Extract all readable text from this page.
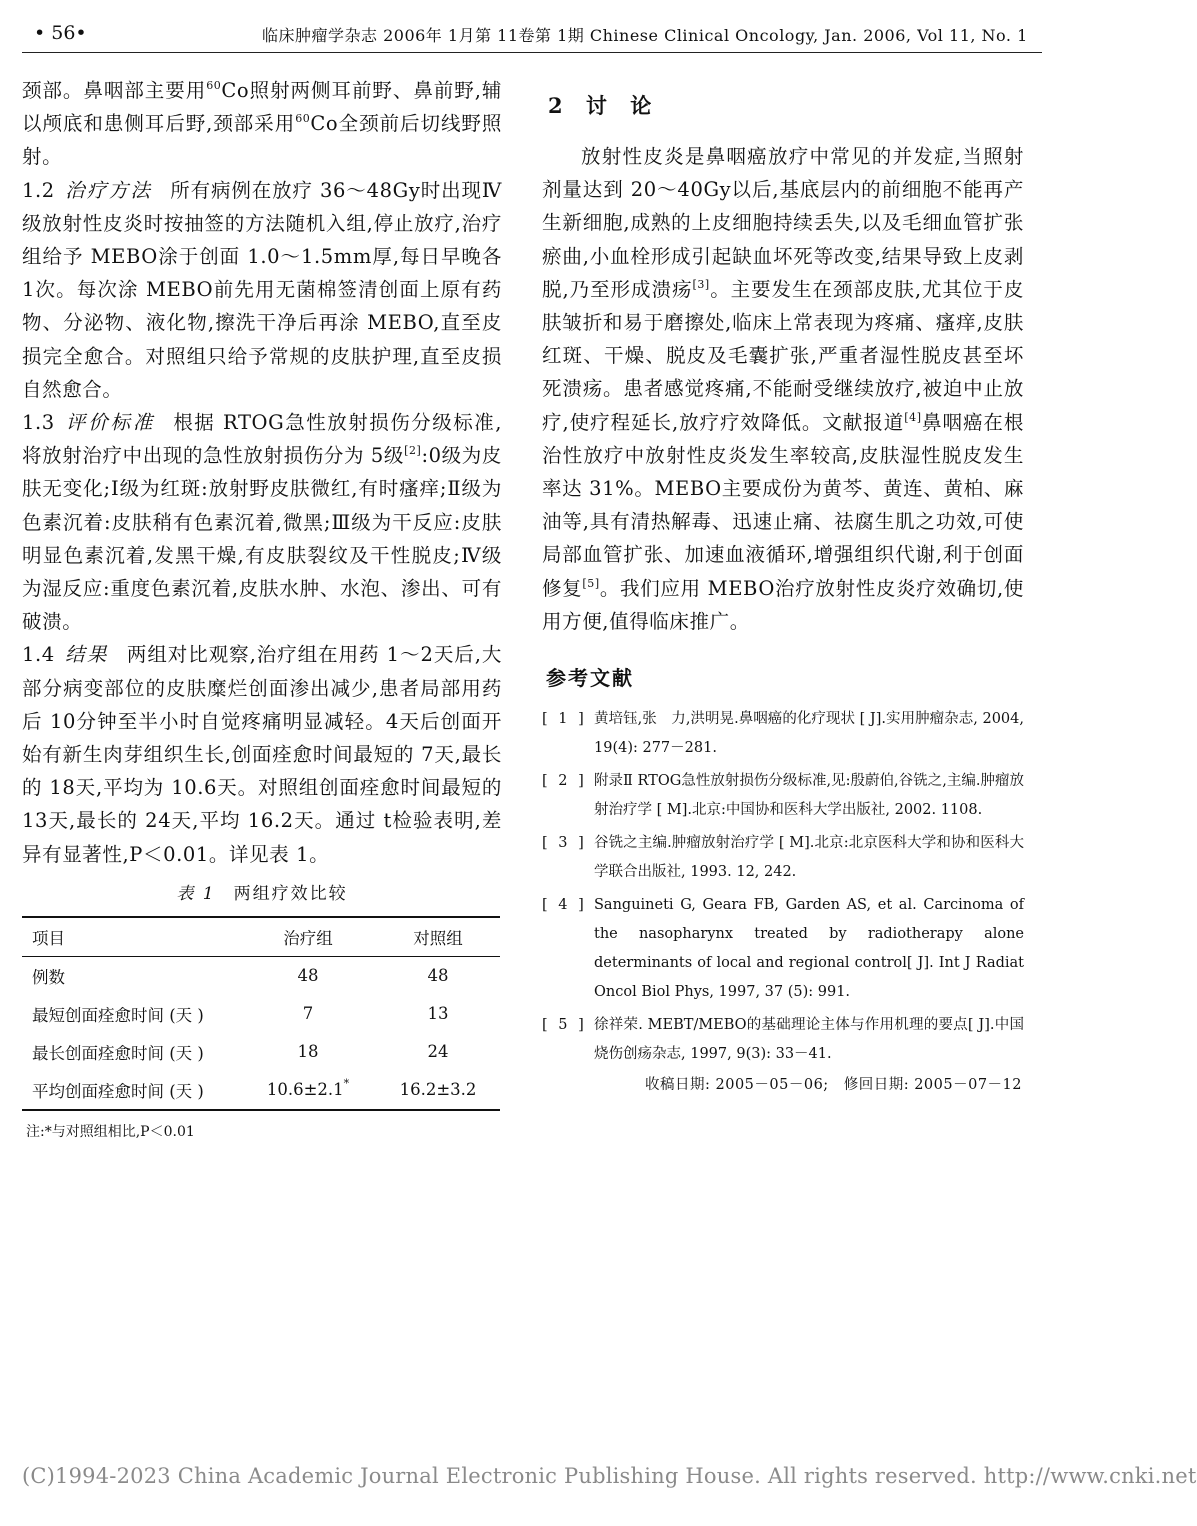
• 56•	临床肿瘤学杂志 2006年 1月第 11卷第 1期 Chinese Clinical Oncology, Jan. 2006, Vol 11, No. 1

颈部。鼻咽部主要用$^{60}$Co照射两侧耳前野、鼻前野,辅以颅底和患侧耳后野,颈部采用$^{60}$Co全颈前后切线野照射。

1.2 治疗方法 所有病例在放疗 36～48Gy时出现Ⅳ级放射性皮炎时按抽签的方法随机入组,停止放疗,治疗组给予 MEBO涂于创面 1.0～1.5mm厚,每日早晚各 1次。每次涂 MEBO前先用无菌棉签清创面上原有药物、分泌物、液化物,擦洗干净后再涂 MEBO,直至皮损完全愈合。对照组只给予常规的皮肤护理,直至皮损自然愈合。

1.3 评价标准 根据 RTOG急性放射损伤分级标准,将放射治疗中出现的急性放射损伤分为 5级[2]:0级为皮肤无变化;Ⅰ级为红斑:放射野皮肤微红,有时瘙痒;Ⅱ级为色素沉着:皮肤稍有色素沉着,微黑;Ⅲ级为干反应:皮肤明显色素沉着,发黑干燥,有皮肤裂纹及干性脱皮;Ⅳ级为湿反应:重度色素沉着,皮肤水肿、水泡、渗出、可有破溃。

1.4 结果 两组对比观察,治疗组在用药 1～2天后,大部分病变部位的皮肤糜烂创面渗出减少,患者局部用药后 10分钟至半小时自觉疼痛明显减轻。4天后创面开始有新生肉芽组织生长,创面痊愈时间最短的 7天,最长的 18天,平均为 10.6天。对照组创面痊愈时间最短的 13天,最长的 24天,平均 16.2天。通过 t检验表明,差异有显著性,P＜0.01。详见表 1。

表 1 两组疗效比较
项目	治疗组	对照组
例数	48	48
最短创面痊愈时间 (天 )	7	13
最长创面痊愈时间 (天 )	18	24
平均创面痊愈时间 (天 )	10.6±2.1*	16.2±3.2
注:*与对照组相比,P＜0.01
2 讨 论

放射性皮炎是鼻咽癌放疗中常见的并发症,当照射剂量达到 20～40Gy以后,基底层内的前细胞不能再产生新细胞,成熟的上皮细胞持续丢失,以及毛细血管扩张瘀曲,小血栓形成引起缺血坏死等改变,结果导致上皮剥脱,乃至形成溃疡[3]。主要发生在颈部皮肤,尤其位于皮肤皱折和易于磨擦处,临床上常表现为疼痛、瘙痒,皮肤红斑、干燥、脱皮及毛囊扩张,严重者湿性脱皮甚至坏死溃疡。患者感觉疼痛,不能耐受继续放疗,被迫中止放疗,使疗程延长,放疗疗效降低。文献报道[4]鼻咽癌在根治性放疗中放射性皮炎发生率较高,皮肤湿性脱皮发生率达 31%。MEBO主要成份为黄芩、黄连、黄柏、麻油等,具有清热解毒、迅速止痛、祛腐生肌之功效,可使局部血管扩张、加速血液循环,增强组织代谢,利于创面修复[5]。我们应用 MEBO治疗放射性皮炎疗效确切,使用方便,值得临床推广。

参考文献
[ 1 ] 黄培钰,张　力,洪明晃.鼻咽癌的化疗现状 [ J].实用肿瘤杂志, 2004, 19(4): 277－281.
[ 2 ] 附录Ⅱ RTOG急性放射损伤分级标准,见:殷蔚伯,谷铣之,主编.肿瘤放射治疗学 [ M].北京:中国协和医科大学出版社, 2002. 1108.
[ 3 ] 谷铣之主编.肿瘤放射治疗学 [ M].北京:北京医科大学和协和医科大学联合出版社, 1993. 12, 242.
[ 4 ] Sanguineti G, Geara FB, Garden AS, et al. Carcinoma of the nasopharynx treated by radiotherapy alone determinants of local and regional control[ J]. Int J Radiat Oncol Biol Phys, 1997, 37 (5): 991.
[ 5 ] 徐祥荣. MEBT/MEBO的基础理论主体与作用机理的要点[ J].中国烧伤创疡杂志, 1997, 9(3): 33－41.
收稿日期: 2005－05－06;　修回日期: 2005－07－12
(C)1994-2023 China Academic Journal Electronic Publishing House. All rights reserved. http://www.cnki.net
